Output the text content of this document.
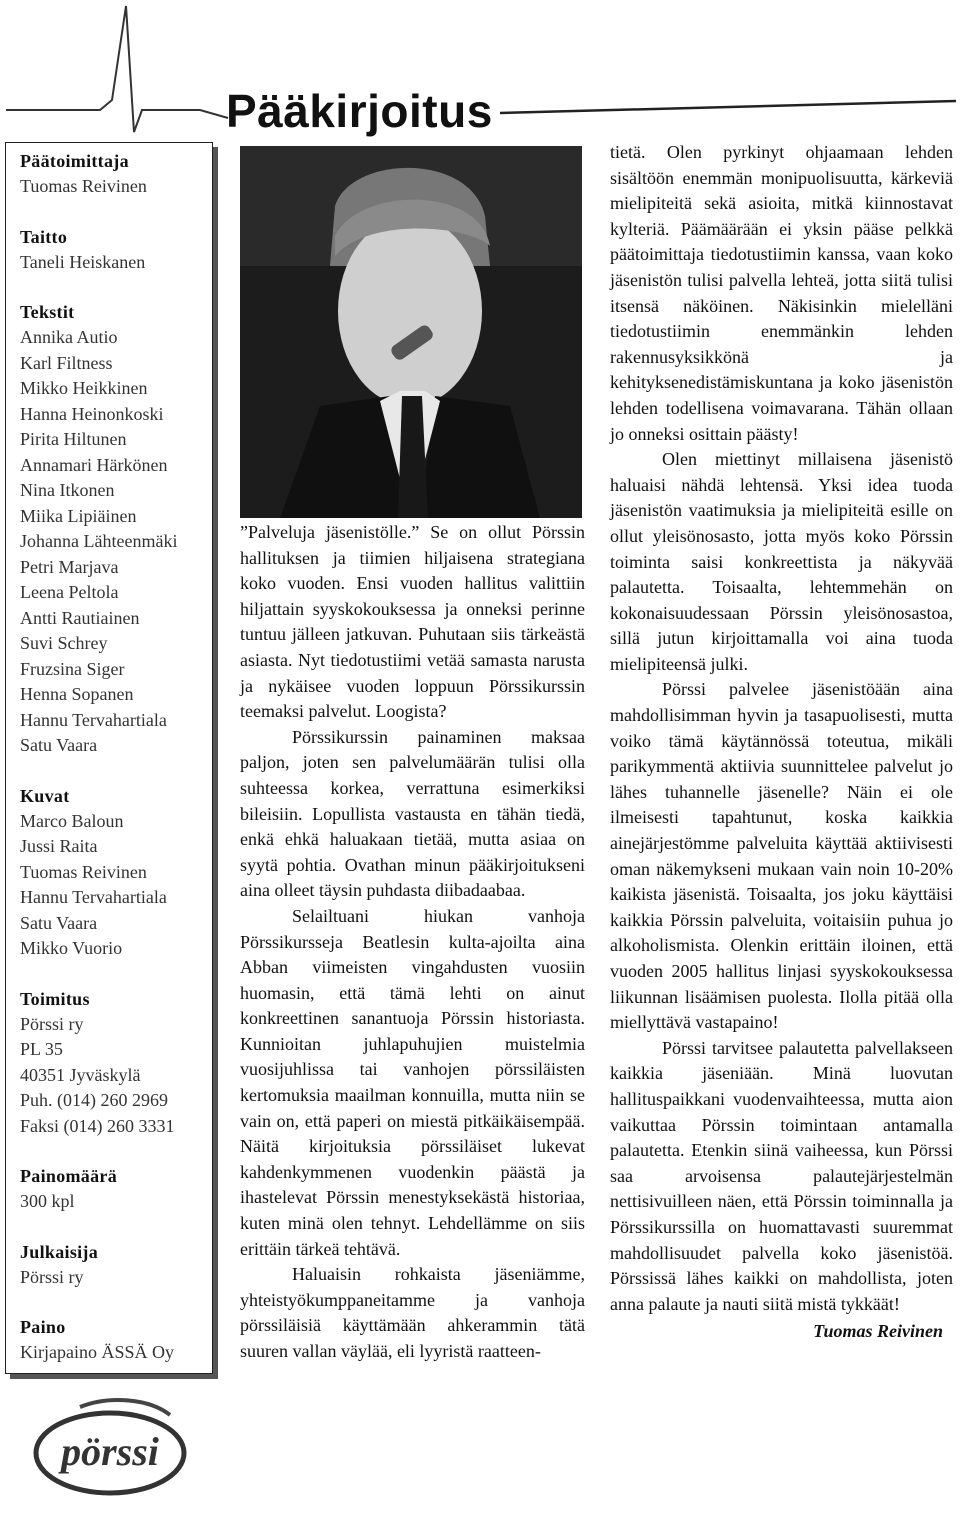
Pääkirjoitus
Päätoimittaja
Tuomas Reivinen
Taitto
Taneli Heiskanen
Tekstit
Annika Autio
Karl Filtness
Mikko Heikkinen
Hanna Heinonkoski
Pirita Hiltunen
Annamari Härkönen
Nina Itkonen
Miika Lipiäinen
Johanna Lähteenmäki
Petri Marjava
Leena Peltola
Antti Rautiainen
Suvi Schrey
Fruzsina Siger
Henna Sopanen
Hannu Tervahartiala
Satu Vaara
Kuvat
Marco Baloun
Jussi Raita
Tuomas Reivinen
Hannu Tervahartiala
Satu Vaara
Mikko Vuorio
Toimitus
Pörssi ry
PL 35
40351 Jyväskylä
Puh. (014) 260 2969
Faksi (014) 260 3331
Painomäärä
300 kpl
Julkaisija
Pörssi ry
Paino
Kirjapaino ÄSSÄ Oy
pörssi

”Palveluja jäsenistölle.” Se on ollut Pörssin hallituksen ja tiimien hiljaisena strategiana koko vuoden. Ensi vuoden hallitus valittiin hiljattain syyskokouksessa ja onneksi perinne tuntuu jälleen jatkuvan. Puhutaan siis tärkeästä asiasta. Nyt tiedotustiimi vetää samasta narusta ja nykäisee vuoden loppuun Pörssikurssin teemaksi palvelut. Loogista?

Pörssikurssin painaminen maksaa paljon, joten sen palvelumäärän tulisi olla suhteessa korkea, verrattuna esimerkiksi bileisiin. Lopullista vastausta en tähän tiedä, enkä ehkä haluakaan tietää, mutta asiaa on syytä pohtia. Ovathan minun pääkirjoitukseni aina olleet täysin puhdasta diibadaabaa.

Selailtuani hiukan vanhoja Pörssikursseja Beatlesin kulta-ajoilta aina Abban viimeisten vingahdusten vuosiin huomasin, että tämä lehti on ainut konkreettinen sanantuoja Pörssin historiasta. Kunnioitan juhlapuhujien muistelmia vuosijuhlissa tai vanhojen pörssiläisten kertomuksia maailman konnuilla, mutta niin se vain on, että paperi on miestä pitkäikäisempää. Näitä kirjoituksia pörssiläiset lukevat kahdenkymmenen vuodenkin päästä ja ihastelevat Pörssin menestyksekästä historiaa, kuten minä olen tehnyt. Lehdellämme on siis erittäin tärkeä tehtävä.

Haluaisin rohkaista jäseniämme, yhteistyökumppaneitamme ja vanhoja pörssiläisiä käyttämään ahkerammin tätä suuren vallan väylää, eli lyyristä raatteen-

tietä. Olen pyrkinyt ohjaamaan lehden sisältöön enemmän monipuolisuutta, kärkeviä mielipiteitä sekä asioita, mitkä kiinnostavat kylteriä. Päämäärään ei yksin pääse pelkkä päätoimittaja tiedotustiimin kanssa, vaan koko jäsenistön tulisi palvella lehteä, jotta siitä tulisi itsensä näköinen. Näkisinkin mielelläni tiedotustiimin enemmänkin lehden rakennusyksikkönä ja kehityksenedistämiskuntana ja koko jäsenistön lehden todellisena voimavarana. Tähän ollaan jo onneksi osittain päästy!

Olen miettinyt millaisena jäsenistö haluaisi nähdä lehtensä. Yksi idea tuoda jäsenistön vaatimuksia ja mielipiteitä esille on ollut yleisönosasto, jotta myös koko Pörssin toiminta saisi konkreettista ja näkyvää palautetta. Toisaalta, lehtemmehän on kokonaisuudessaan Pörssin yleisönosastoa, sillä jutun kirjoittamalla voi aina tuoda mielipiteensä julki.

Pörssi palvelee jäsenistöään aina mahdollisimman hyvin ja tasapuolisesti, mutta voiko tämä käytännössä toteutua, mikäli parikymmentä aktiivia suunnittelee palvelut jo lähes tuhannelle jäsenelle? Näin ei ole ilmeisesti tapahtunut, koska kaikkia ainejärjestömme palveluita käyttää aktiivisesti oman näkemykseni mukaan vain noin 10-20% kaikista jäsenistä. Toisaalta, jos joku käyttäisi kaikkia Pörssin palveluita, voitaisiin puhua jo alkoholismista. Olenkin erittäin iloinen, että vuoden 2005 hallitus linjasi syyskokouksessa liikunnan lisäämisen puolesta. Ilolla pitää olla miellyttävä vastapaino!

Pörssi tarvitsee palautetta palvellakseen kaikkia jäseniään. Minä luovutan hallituspaikkani vuodenvaihteessa, mutta aion vaikuttaa Pörssin toimintaan antamalla palautetta. Etenkin siinä vaiheessa, kun Pörssi saa arvoisensa palautejärjestelmän nettisivuilleen näen, että Pörssin toiminnalla ja Pörssikurssilla on huomattavasti suuremmat mahdollisuudet palvella koko jäsenistöä. Pörssissä lähes kaikki on mahdollista, joten anna palaute ja nauti siitä mistä tykkäät!

Tuomas Reivinen
